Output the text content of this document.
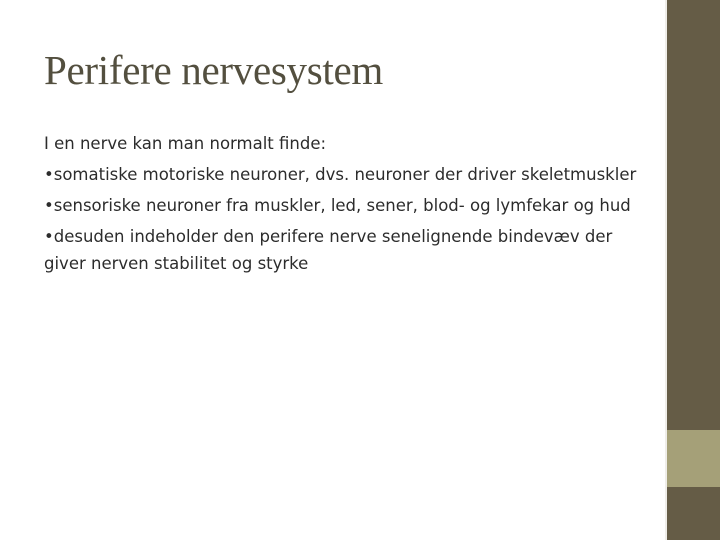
Perifere nervesystem

I en nerve kan man normalt finde:

•somatiske motoriske neuroner, dvs. neuroner der driver skeletmuskler

•sensoriske neuroner fra muskler, led, sener, blod- og lymfekar og hud

•desuden indeholder den perifere nerve senelignende bindevæv der giver nerven stabilitet og styrke
